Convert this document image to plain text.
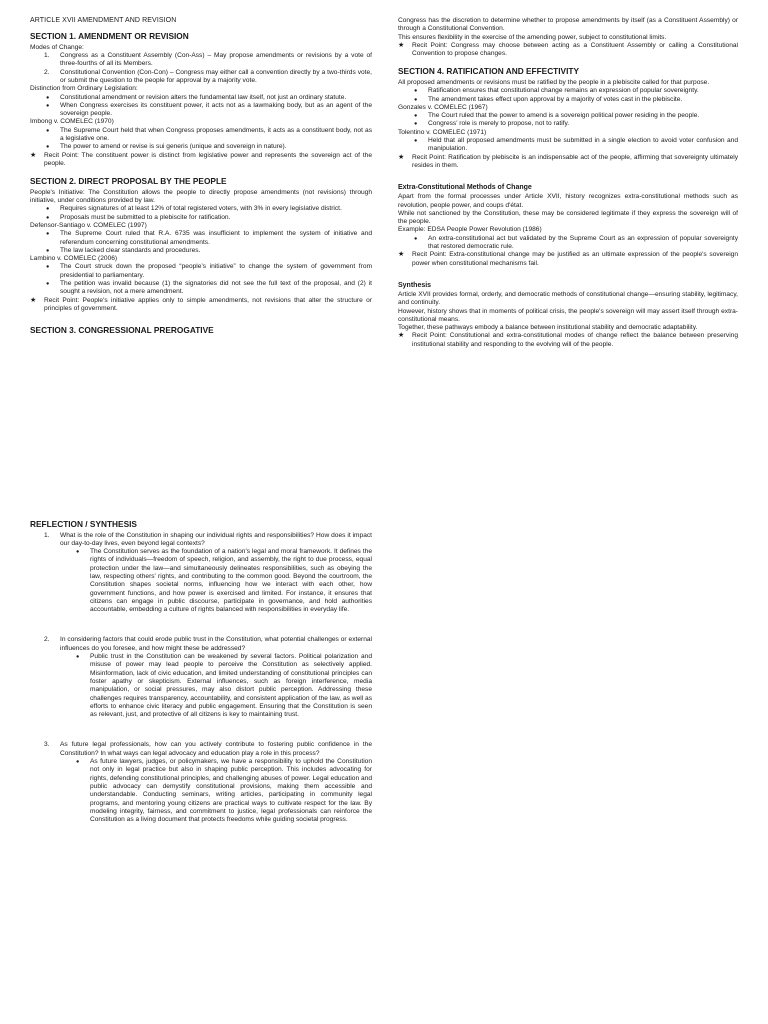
ARTICLE XVII AMENDMENT AND REVISION
SECTION 1. AMENDMENT OR REVISION

Modes of Change:

1. Congress as a Constituent Assembly (Con-Ass) – May propose amendments or revisions by a vote of three-fourths of all its Members.
2. Constitutional Convention (Con-Con) – Congress may either call a convention directly by a two-thirds vote, or submit the question to the people for approval by a majority vote.

Distinction from Ordinary Legislation:

● Constitutional amendment or revision alters the fundamental law itself, not just an ordinary statute.
● When Congress exercises its constituent power, it acts not as a lawmaking body, but as an agent of the sovereign people.

Imbong v. COMELEC (1970)

● The Supreme Court held that when Congress proposes amendments, it acts as a constituent body, not as a legislative one.
● The power to amend or revise is sui generis (unique and sovereign in nature).

★ Recit Point: The constituent power is distinct from legislative power and represents the sovereign act of the people.

SECTION 2. DIRECT PROPOSAL BY THE PEOPLE

People's Initiative: The Constitution allows the people to directly propose amendments (not revisions) through initiative, under conditions provided by law.

● Requires signatures of at least 12% of total registered voters, with 3% in every legislative district.
● Proposals must be submitted to a plebiscite for ratification.

Defensor-Santiago v. COMELEC (1997)

● The Supreme Court ruled that R.A. 6735 was insufficient to implement the system of initiative and referendum concerning constitutional amendments.
● The law lacked clear standards and procedures.

Lambino v. COMELEC (2006)

● The Court struck down the proposed “people’s initiative” to change the system of government from presidential to parliamentary.
● The petition was invalid because (1) the signatories did not see the full text of the proposal, and (2) it sought a revision, not a mere amendment.

★ Recit Point: People's initiative applies only to simple amendments, not revisions that alter the structure or principles of government.

SECTION 3. CONGRESSIONAL PREROGATIVE

Congress has the discretion to determine whether to propose amendments by itself (as a Constituent Assembly) or through a Constitutional Convention.

This ensures flexibility in the exercise of the amending power, subject to constitutional limits.

★ Recit Point: Congress may choose between acting as a Constituent Assembly or calling a Constitutional Convention to propose changes.

SECTION 4. RATIFICATION AND EFFECTIVITY

All proposed amendments or revisions must be ratified by the people in a plebiscite called for that purpose.

● Ratification ensures that constitutional change remains an expression of popular sovereignty.
● The amendment takes effect upon approval by a majority of votes cast in the plebiscite.

Gonzales v. COMELEC (1967)

● The Court ruled that the power to amend is a sovereign political power residing in the people.
● Congress' role is merely to propose, not to ratify.

Tolentino v. COMELEC (1971)

● Held that all proposed amendments must be submitted in a single election to avoid voter confusion and manipulation.

★ Recit Point: Ratification by plebiscite is an indispensable act of the people, affirming that sovereignty ultimately resides in them.

Extra-Constitutional Methods of Change

Apart from the formal processes under Article XVII, history recognizes extra-constitutional methods such as revolution, people power, and coups d'état.

While not sanctioned by the Constitution, these may be considered legitimate if they express the sovereign will of the people.

Example: EDSA People Power Revolution (1986)

● An extra-constitutional act but validated by the Supreme Court as an expression of popular sovereignty that restored democratic rule.

★ Recit Point: Extra-constitutional change may be justified as an ultimate expression of the people's sovereign power when constitutional mechanisms fail.

Synthesis

Article XVII provides formal, orderly, and democratic methods of constitutional change—ensuring stability, legitimacy, and continuity.

However, history shows that in moments of political crisis, the people's sovereign will may assert itself through extra-constitutional means.

Together, these pathways embody a balance between institutional stability and democratic adaptability.

★ Recit Point: Constitutional and extra-constitutional modes of change reflect the balance between preserving institutional stability and responding to the evolving will of the people.

REFLECTION / SYNTHESIS
1. What is the role of the Constitution in shaping our individual rights and responsibilities? How does it impact our day-to-day lives, even beyond legal contexts?
● The Constitution serves as the foundation of a nation's legal and moral framework. It defines the rights of individuals—freedom of speech, religion, and assembly, the right to due process, equal protection under the law—and simultaneously delineates responsibilities, such as obeying the law, respecting others' rights, and contributing to the common good. Beyond the courtroom, the Constitution shapes societal norms, influencing how we interact with each other, how government functions, and how power is exercised and limited. For instance, it ensures that citizens can engage in public discourse, participate in governance, and hold authorities accountable, embedding a culture of rights balanced with responsibilities in everyday life.
2. In considering factors that could erode public trust in the Constitution, what potential challenges or external influences do you foresee, and how might these be addressed?
● Public trust in the Constitution can be weakened by several factors. Political polarization and misuse of power may lead people to perceive the Constitution as selectively applied. Misinformation, lack of civic education, and limited understanding of constitutional principles can foster apathy or skepticism. External influences, such as foreign interference, media manipulation, or social pressures, may also distort public perception. Addressing these challenges requires transparency, accountability, and consistent application of the law, as well as efforts to enhance civic literacy and public engagement. Ensuring that the Constitution is seen as relevant, just, and protective of all citizens is key to maintaining trust.
3. As future legal professionals, how can you actively contribute to fostering public confidence in the Constitution? In what ways can legal advocacy and education play a role in this process?
● As future lawyers, judges, or policymakers, we have a responsibility to uphold the Constitution not only in legal practice but also in shaping public perception. This includes advocating for rights, defending constitutional principles, and challenging abuses of power. Legal education and public advocacy can demystify constitutional provisions, making them accessible and understandable. Conducting seminars, writing articles, participating in community legal programs, and mentoring young citizens are practical ways to cultivate respect for the law. By modeling integrity, fairness, and commitment to justice, legal professionals can reinforce the Constitution as a living document that protects freedoms while guiding societal progress.
